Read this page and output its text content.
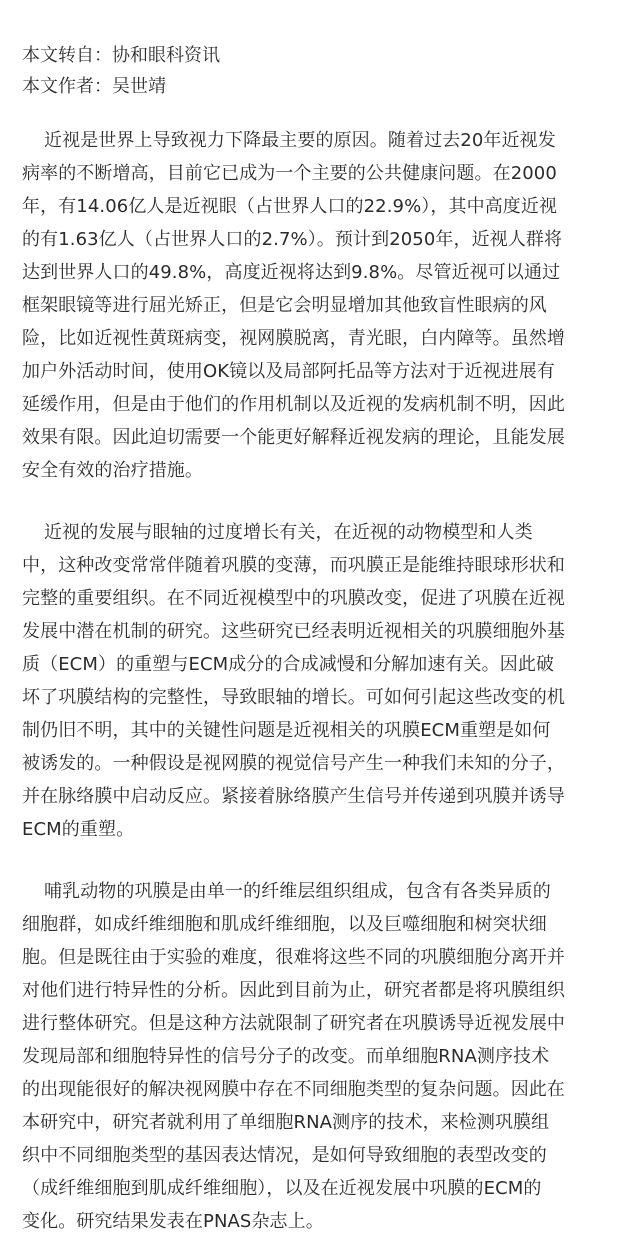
本文转自：协和眼科资讯
本文作者：吴世靖

近视是世界上导致视力下降最主要的原因。随着过去20年近视发
病率的不断增高，目前它已成为一个主要的公共健康问题。在2000
年，有14.06亿人是近视眼（占世界人口的22.9%），其中高度近视
的有1.63亿人（占世界人口的2.7%）。预计到2050年，近视人群将
达到世界人口的49.8%，高度近视将达到9.8%。尽管近视可以通过
框架眼镜等进行屈光矫正，但是它会明显增加其他致盲性眼病的风
险，比如近视性黄斑病变，视网膜脱离，青光眼，白内障等。虽然增
加户外活动时间，使用OK镜以及局部阿托品等方法对于近视进展有
延缓作用，但是由于他们的作用机制以及近视的发病机制不明，因此
效果有限。因此迫切需要一个能更好解释近视发病的理论，且能发展
安全有效的治疗措施。

近视的发展与眼轴的过度增长有关，在近视的动物模型和人类
中，这种改变常常伴随着巩膜的变薄，而巩膜正是能维持眼球形状和
完整的重要组织。在不同近视模型中的巩膜改变，促进了巩膜在近视
发展中潜在机制的研究。这些研究已经表明近视相关的巩膜细胞外基
质（ECM）的重塑与ECM成分的合成减慢和分解加速有关。因此破
坏了巩膜结构的完整性，导致眼轴的增长。可如何引起这些改变的机
制仍旧不明，其中的关键性问题是近视相关的巩膜ECM重塑是如何
被诱发的。一种假设是视网膜的视觉信号产生一种我们未知的分子，
并在脉络膜中启动反应。紧接着脉络膜产生信号并传递到巩膜并诱导
ECM的重塑。

哺乳动物的巩膜是由单一的纤维层组织组成，包含有各类异质的
细胞群，如成纤维细胞和肌成纤维细胞，以及巨噬细胞和树突状细
胞。但是既往由于实验的难度，很难将这些不同的巩膜细胞分离开并
对他们进行特异性的分析。因此到目前为止，研究者都是将巩膜组织
进行整体研究。但是这种方法就限制了研究者在巩膜诱导近视发展中
发现局部和细胞特异性的信号分子的改变。而单细胞RNA测序技术
的出现能很好的解决视网膜中存在不同细胞类型的复杂问题。因此在
本研究中，研究者就利用了单细胞RNA测序的技术，来检测巩膜组
织中不同细胞类型的基因表达情况，是如何导致细胞的表型改变的
（成纤维细胞到肌成纤维细胞），以及在近视发展中巩膜的ECM的
变化。研究结果发表在PNAS杂志上。
